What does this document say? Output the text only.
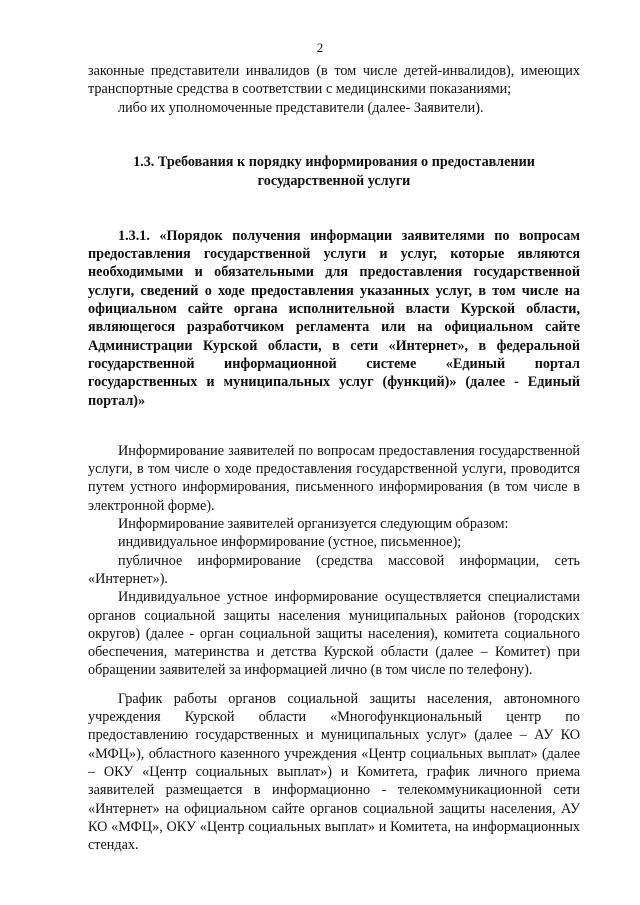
2

законные представители инвалидов (в том числе детей-инвалидов), имеющих транспортные средства в соответствии с медицинскими показаниями;

либо их уполномоченные представители (далее- Заявители).

1.3. Требования к порядку информирования о предоставлении государственной услуги

1.3.1. «Порядок получения информации заявителями по вопросам предоставления государственной услуги и услуг, которые являются необходимыми и обязательными для предоставления государственной услуги, сведений о ходе предоставления указанных услуг, в том числе на официальном сайте органа исполнительной власти Курской области, являющегося разработчиком регламента или на официальном сайте Администрации Курской области, в сети «Интернет», в федеральной государственной информационной системе «Единый портал государственных и муниципальных услуг (функций)» (далее - Единый портал)»

Информирование заявителей по вопросам предоставления государственной услуги, в том числе о ходе предоставления государственной услуги, проводится путем устного информирования, письменного информирования (в том числе в электронной форме).

Информирование заявителей организуется следующим образом:

индивидуальное информирование (устное, письменное);

публичное информирование (средства массовой информации, сеть «Интернет»).

Индивидуальное устное информирование осуществляется специалистами органов социальной защиты населения муниципальных районов (городских округов) (далее - орган социальной защиты населения), комитета социального обеспечения, материнства и детства Курской области (далее – Комитет) при обращении заявителей за информацией лично (в том числе по телефону).

График работы органов социальной защиты населения, автономного учреждения Курской области «Многофункциональный центр по предоставлению государственных и муниципальных услуг» (далее – АУ КО «МФЦ»), областного казенного учреждения «Центр социальных выплат» (далее – ОКУ «Центр социальных выплат») и Комитета, график личного приема заявителей размещается в информационно - телекоммуникационной сети «Интернет» на официальном сайте органов социальной защиты населения, АУ КО «МФЦ», ОКУ «Центр социальных выплат» и Комитета, на информационных стендах.
